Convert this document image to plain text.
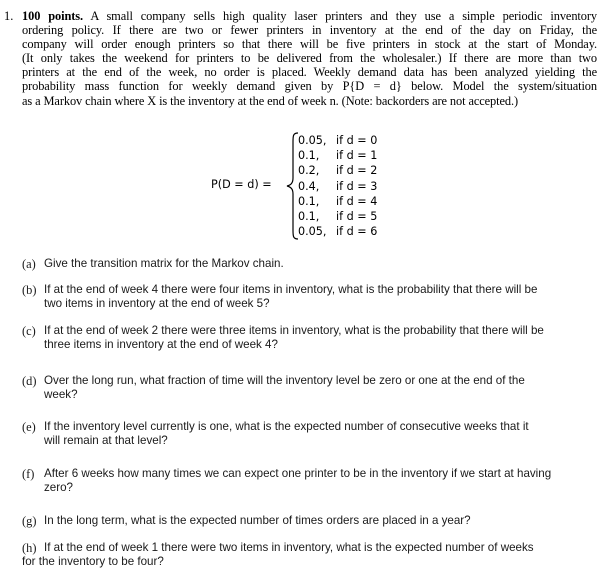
1. 100 points. A small company sells high quality laser printers and they use a simple periodic inventory
ordering policy. If there are two or fewer printers in inventory at the end of the day on Friday, the
company will order enough printers so that there will be five printers in stock at the start of Monday.
(It only takes the weekend for printers to be delivered from the wholesaler.) If there are more than two
printers at the end of the week, no order is placed. Weekly demand data has been analyzed yielding the
probability mass function for weekly demand given by P{D = d} below. Model the system/situation
as a Markov chain where X is the inventory at the end of week n. (Note: backorders are not accepted.)
P(D = d) =
0.05, if d = 0
0.1, if d = 1
0.2, if d = 2
0.4, if d = 3
0.1, if d = 4
0.1, if d = 5
0.05, if d = 6
(a) Give the transition matrix for the Markov chain.
(b) If at the end of week 4 there were four items in inventory, what is the probability that there will be
two items in inventory at the end of week 5?
(c) If at the end of week 2 there were three items in inventory, what is the probability that there will be
three items in inventory at the end of week 4?
(d) Over the long run, what fraction of time will the inventory level be zero or one at the end of the
week?
(e) If the inventory level currently is one, what is the expected number of consecutive weeks that it
will remain at that level?
(f) After 6 weeks how many times we can expect one printer to be in the inventory if we start at having
zero?
(g) In the long term, what is the expected number of times orders are placed in a year?
(h) If at the end of week 1 there were two items in inventory, what is the expected number of weeks
for the inventory to be four?
